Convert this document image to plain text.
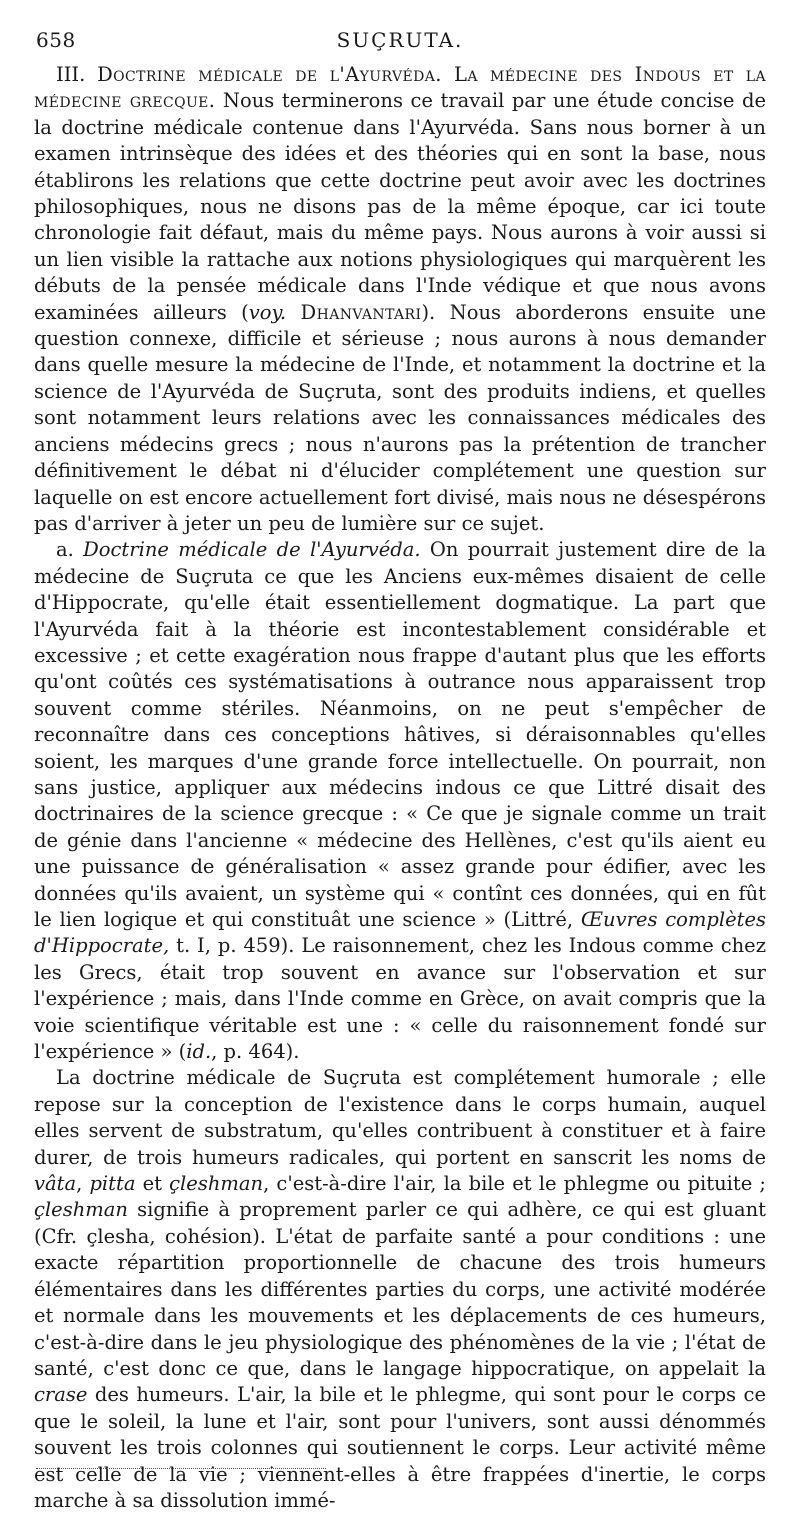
658	SUÇRUTA.

III. Doctrine médicale de l'Ayurvéda. La médecine des Indous et la médecine grecque. Nous terminerons ce travail par une étude concise de la doctrine médicale contenue dans l'Ayurvéda. Sans nous borner à un examen intrinsèque des idées et des théories qui en sont la base, nous établirons les relations que cette doctrine peut avoir avec les doctrines philosophiques, nous ne disons pas de la même époque, car ici toute chronologie fait défaut, mais du même pays. Nous aurons à voir aussi si un lien visible la rattache aux notions physiologiques qui marquèrent les débuts de la pensée médicale dans l'Inde védique et que nous avons examinées ailleurs (voy. Dhanvantari). Nous aborderons ensuite une question connexe, difficile et sérieuse ; nous aurons à nous demander dans quelle mesure la médecine de l'Inde, et notamment la doctrine et la science de l'Ayurvéda de Suçruta, sont des produits indiens, et quelles sont notamment leurs relations avec les connaissances médicales des anciens médecins grecs ; nous n'aurons pas la prétention de trancher définitivement le débat ni d'élucider complétement une question sur laquelle on est encore actuellement fort divisé, mais nous ne désespérons pas d'arriver à jeter un peu de lumière sur ce sujet.

a. Doctrine médicale de l'Ayurvéda. On pourrait justement dire de la médecine de Suçruta ce que les Anciens eux-mêmes disaient de celle d'Hippocrate, qu'elle était essentiellement dogmatique. La part que l'Ayurvéda fait à la théorie est incontestablement considérable et excessive ; et cette exagération nous frappe d'autant plus que les efforts qu'ont coûtés ces systématisations à outrance nous apparaissent trop souvent comme stériles. Néanmoins, on ne peut s'empêcher de reconnaître dans ces conceptions hâtives, si déraisonnables qu'elles soient, les marques d'une grande force intellectuelle. On pourrait, non sans justice, appliquer aux médecins indous ce que Littré disait des doctrinaires de la science grecque : « Ce que je signale comme un trait de génie dans l'ancienne « médecine des Hellènes, c'est qu'ils aient eu une puissance de généralisation « assez grande pour édifier, avec les données qu'ils avaient, un système qui « contînt ces données, qui en fût le lien logique et qui constituât une science » (Littré, Œuvres complètes d'Hippocrate, t. I, p. 459). Le raisonnement, chez les Indous comme chez les Grecs, était trop souvent en avance sur l'observation et sur l'expérience ; mais, dans l'Inde comme en Grèce, on avait compris que la voie scientifique véritable est une : « celle du raisonnement fondé sur l'expérience » (id., p. 464).

La doctrine médicale de Suçruta est complétement humorale ; elle repose sur la conception de l'existence dans le corps humain, auquel elles servent de substratum, qu'elles contribuent à constituer et à faire durer, de trois humeurs radicales, qui portent en sanscrit les noms de vâta, pitta et çleshman, c'est-à-dire l'air, la bile et le phlegme ou pituite ; çleshman signifie à proprement parler ce qui adhère, ce qui est gluant (Cfr. çlesha, cohésion). L'état de parfaite santé a pour conditions : une exacte répartition proportionnelle de chacune des trois humeurs élémentaires dans les différentes parties du corps, une activité modérée et normale dans les mouvements et les déplacements de ces humeurs, c'est-à-dire dans le jeu physiologique des phénomènes de la vie ; l'état de santé, c'est donc ce que, dans le langage hippocratique, on appelait la crase des humeurs. L'air, la bile et le phlegme, qui sont pour le corps ce que le soleil, la lune et l'air, sont pour l'univers, sont aussi dénommés souvent les trois colonnes qui soutiennent le corps. Leur activité même est celle de la vie ; viennent-elles à être frappées d'inertie, le corps marche à sa dissolution immé-
